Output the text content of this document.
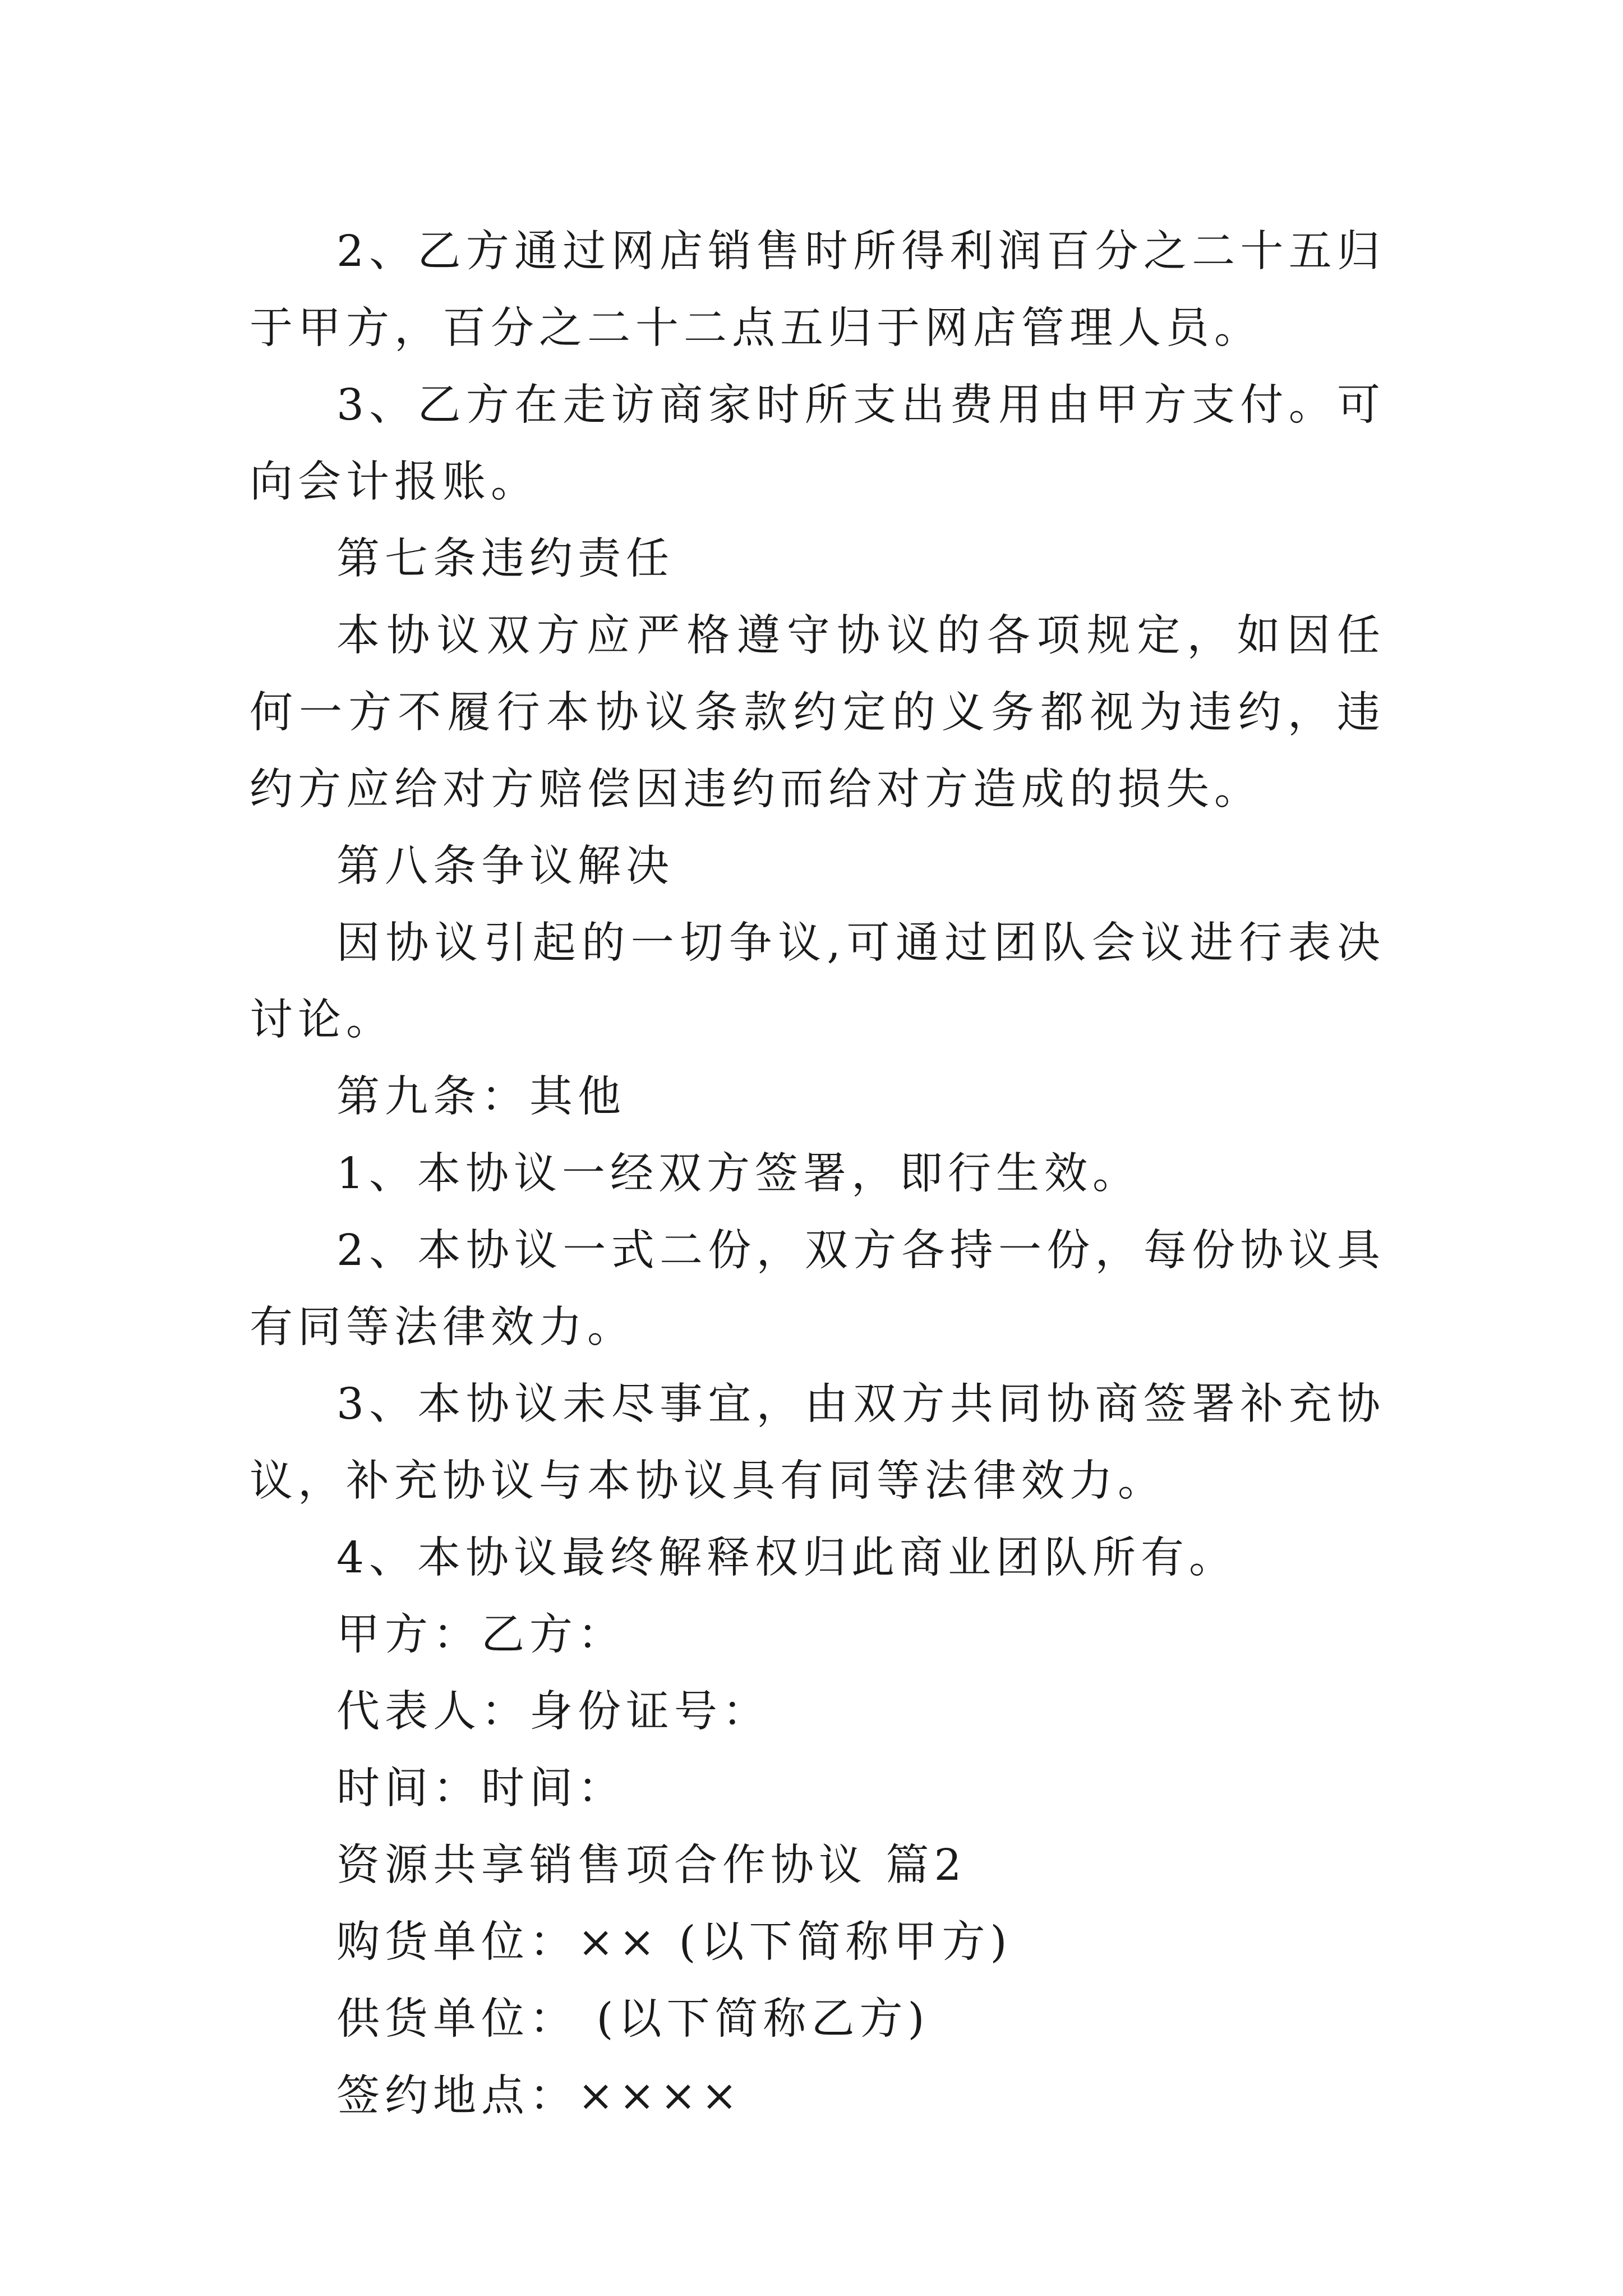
2、乙方通过网店销售时所得利润百分之二十五归于甲方，百分之二十二点五归于网店管理人员。

3、乙方在走访商家时所支出费用由甲方支付。可向会计报账。

第七条违约责任

本协议双方应严格遵守协议的各项规定，如因任何一方不履行本协议条款约定的义务都视为违约，违约方应给对方赔偿因违约而给对方造成的损失。

第八条争议解决

因协议引起的一切争议,可通过团队会议进行表决讨论。

第九条：其他

1、本协议一经双方签署，即行生效。

2、本协议一式二份，双方各持一份，每份协议具有同等法律效力。

3、本协议未尽事宜，由双方共同协商签署补充协议，补充协议与本协议具有同等法律效力。

4、本协议最终解释权归此商业团队所有。

甲方：乙方：

代表人：身份证号：

时间：时间：

资源共享销售项合作协议 篇2

购货单位：×× (以下简称甲方)

供货单位： (以下简称乙方)

签约地点：××××
